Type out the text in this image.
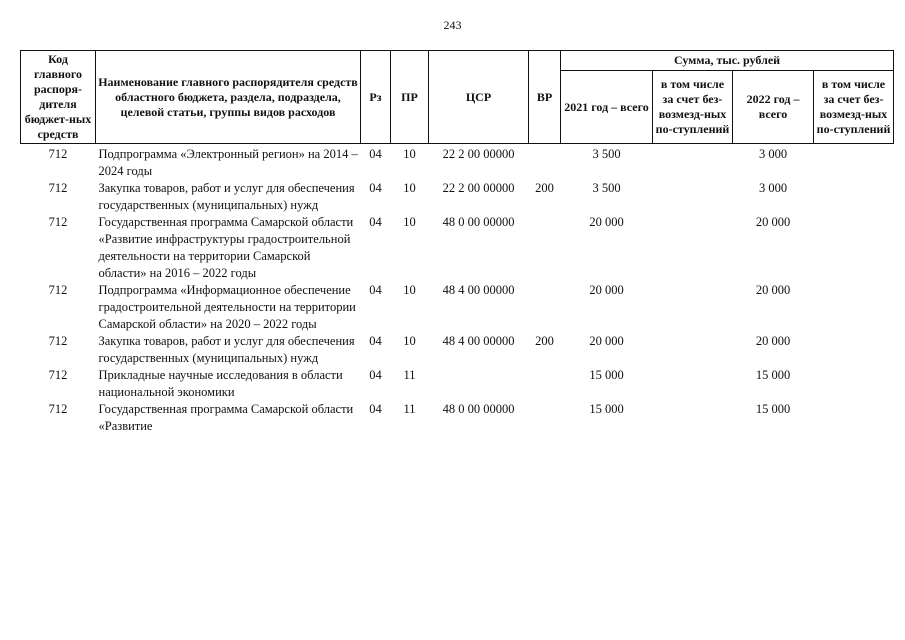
243
Код главного распоря-дителя бюджет-ных средств	Наименование главного распорядителя средств областного бюджета, раздела, подраздела, целевой статьи, группы видов расходов	Рз	ПР	ЦСР	ВР	Сумма, тыс. рублей			
						2021 год – всего	в том числе за счет без-возмезд-ных по-ступлений	2022 год – всего	в том числе за счет без-возмезд-ных по-ступлений

712	Подпрограмма «Электронный регион» на 2014 – 2024 годы	04	10	22 2 00 00000		3 500		3 000	
712	Закупка товаров, работ и услуг для обеспечения государственных (муниципальных) нужд	04	10	22 2 00 00000	200	3 500		3 000	
712	Государственная программа Самарской области «Развитие инфраструктуры градостроительной деятельности на территории Самарской области» на 2016 – 2022 годы	04	10	48 0 00 00000		20 000		20 000	
712	Подпрограмма «Информационное обеспечение градостроительной деятельности на территории Самарской области» на 2020 – 2022 годы	04	10	48 4 00 00000		20 000		20 000	
712	Закупка товаров, работ и услуг для обеспечения государственных (муниципальных) нужд	04	10	48 4 00 00000	200	20 000		20 000	
712	Прикладные научные исследования в области национальной экономики	04	11			15 000		15 000	
712	Государственная программа Самарской области «Развитие	04	11	48 0 00 00000		15 000		15 000	
